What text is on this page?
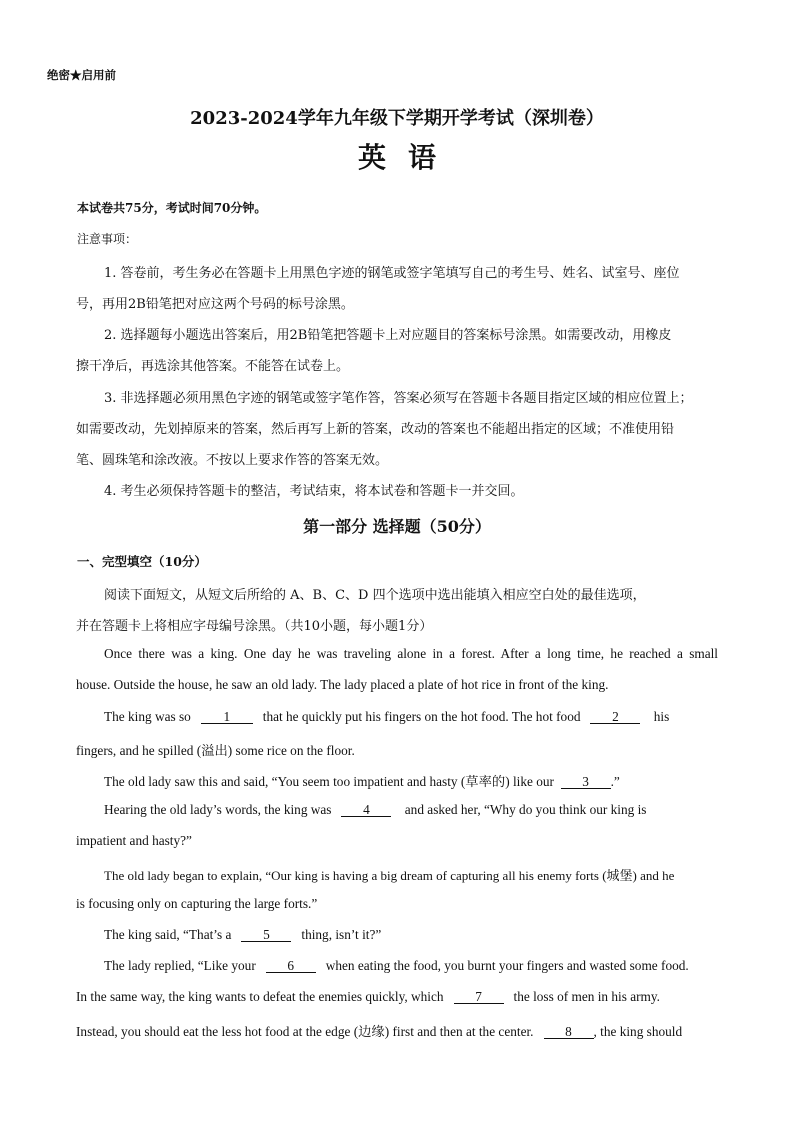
绝密★启用前
2023-2024学年九年级下学期开学考试（深圳卷）
英语
本试卷共75分，考试时间70分钟。
注意事项：
1. 答卷前，考生务必在答题卡上用黑色字迹的钢笔或签字笔填写自己的考生号、姓名、试室号、座位
号，再用2B铅笔把对应这两个号码的标号涂黑。
2. 选择题每小题选出答案后，用2B铅笔把答题卡上对应题目的答案标号涂黑。如需要改动，用橡皮
擦干净后，再选涂其他答案。不能答在试卷上。
3. 非选择题必须用黑色字迹的钢笔或签字笔作答，答案必须写在答题卡各题目指定区域的相应位置上；
如需要改动，先划掉原来的答案，然后再写上新的答案，改动的答案也不能超出指定的区域；不准使用铅
笔、圆珠笔和涂改液。不按以上要求作答的答案无效。
4. 考生必须保持答题卡的整洁，考试结束，将本试卷和答题卡一并交回。
第一部分 选择题（50分）
一、完型填空（10分）
阅读下面短文，从短文后所给的 A、B、C、D 四个选项中选出能填入相应空白处的最佳选项，
并在答题卡上将相应字母编号涂黑。（共10小题，每小题1分）
Once there was a king. One day he was traveling alone in a forest. After a long time, he reached a small
house. Outside the house, he saw an old lady. The lady placed a plate of hot rice in front of the king.
The king was so 1 that he quickly put his fingers on the hot food. The hot food 2	his
fingers, and he spilled (溢出) some rice on the floor.
The old lady saw this and said, “You seem too impatient and hasty (草率的) like our 3 .”
Hearing the old lady’s words, the king was 4	and asked her, “Why do you think our king is
impatient and hasty?”
The old lady began to explain, “Our king is having a big dream of capturing all his enemy forts (城堡) and he
is focusing only on capturing the large forts.”
The king said, “That’s a 5 thing, isn’t it?”
The lady replied, “Like your 6 when eating the food, you burnt your fingers and wasted some food.
In the same way, the king wants to defeat the enemies quickly, which 7 the loss of men in his army.
Instead, you should eat the less hot food at the edge (边缘) first and then at the center. 8 , the king should
